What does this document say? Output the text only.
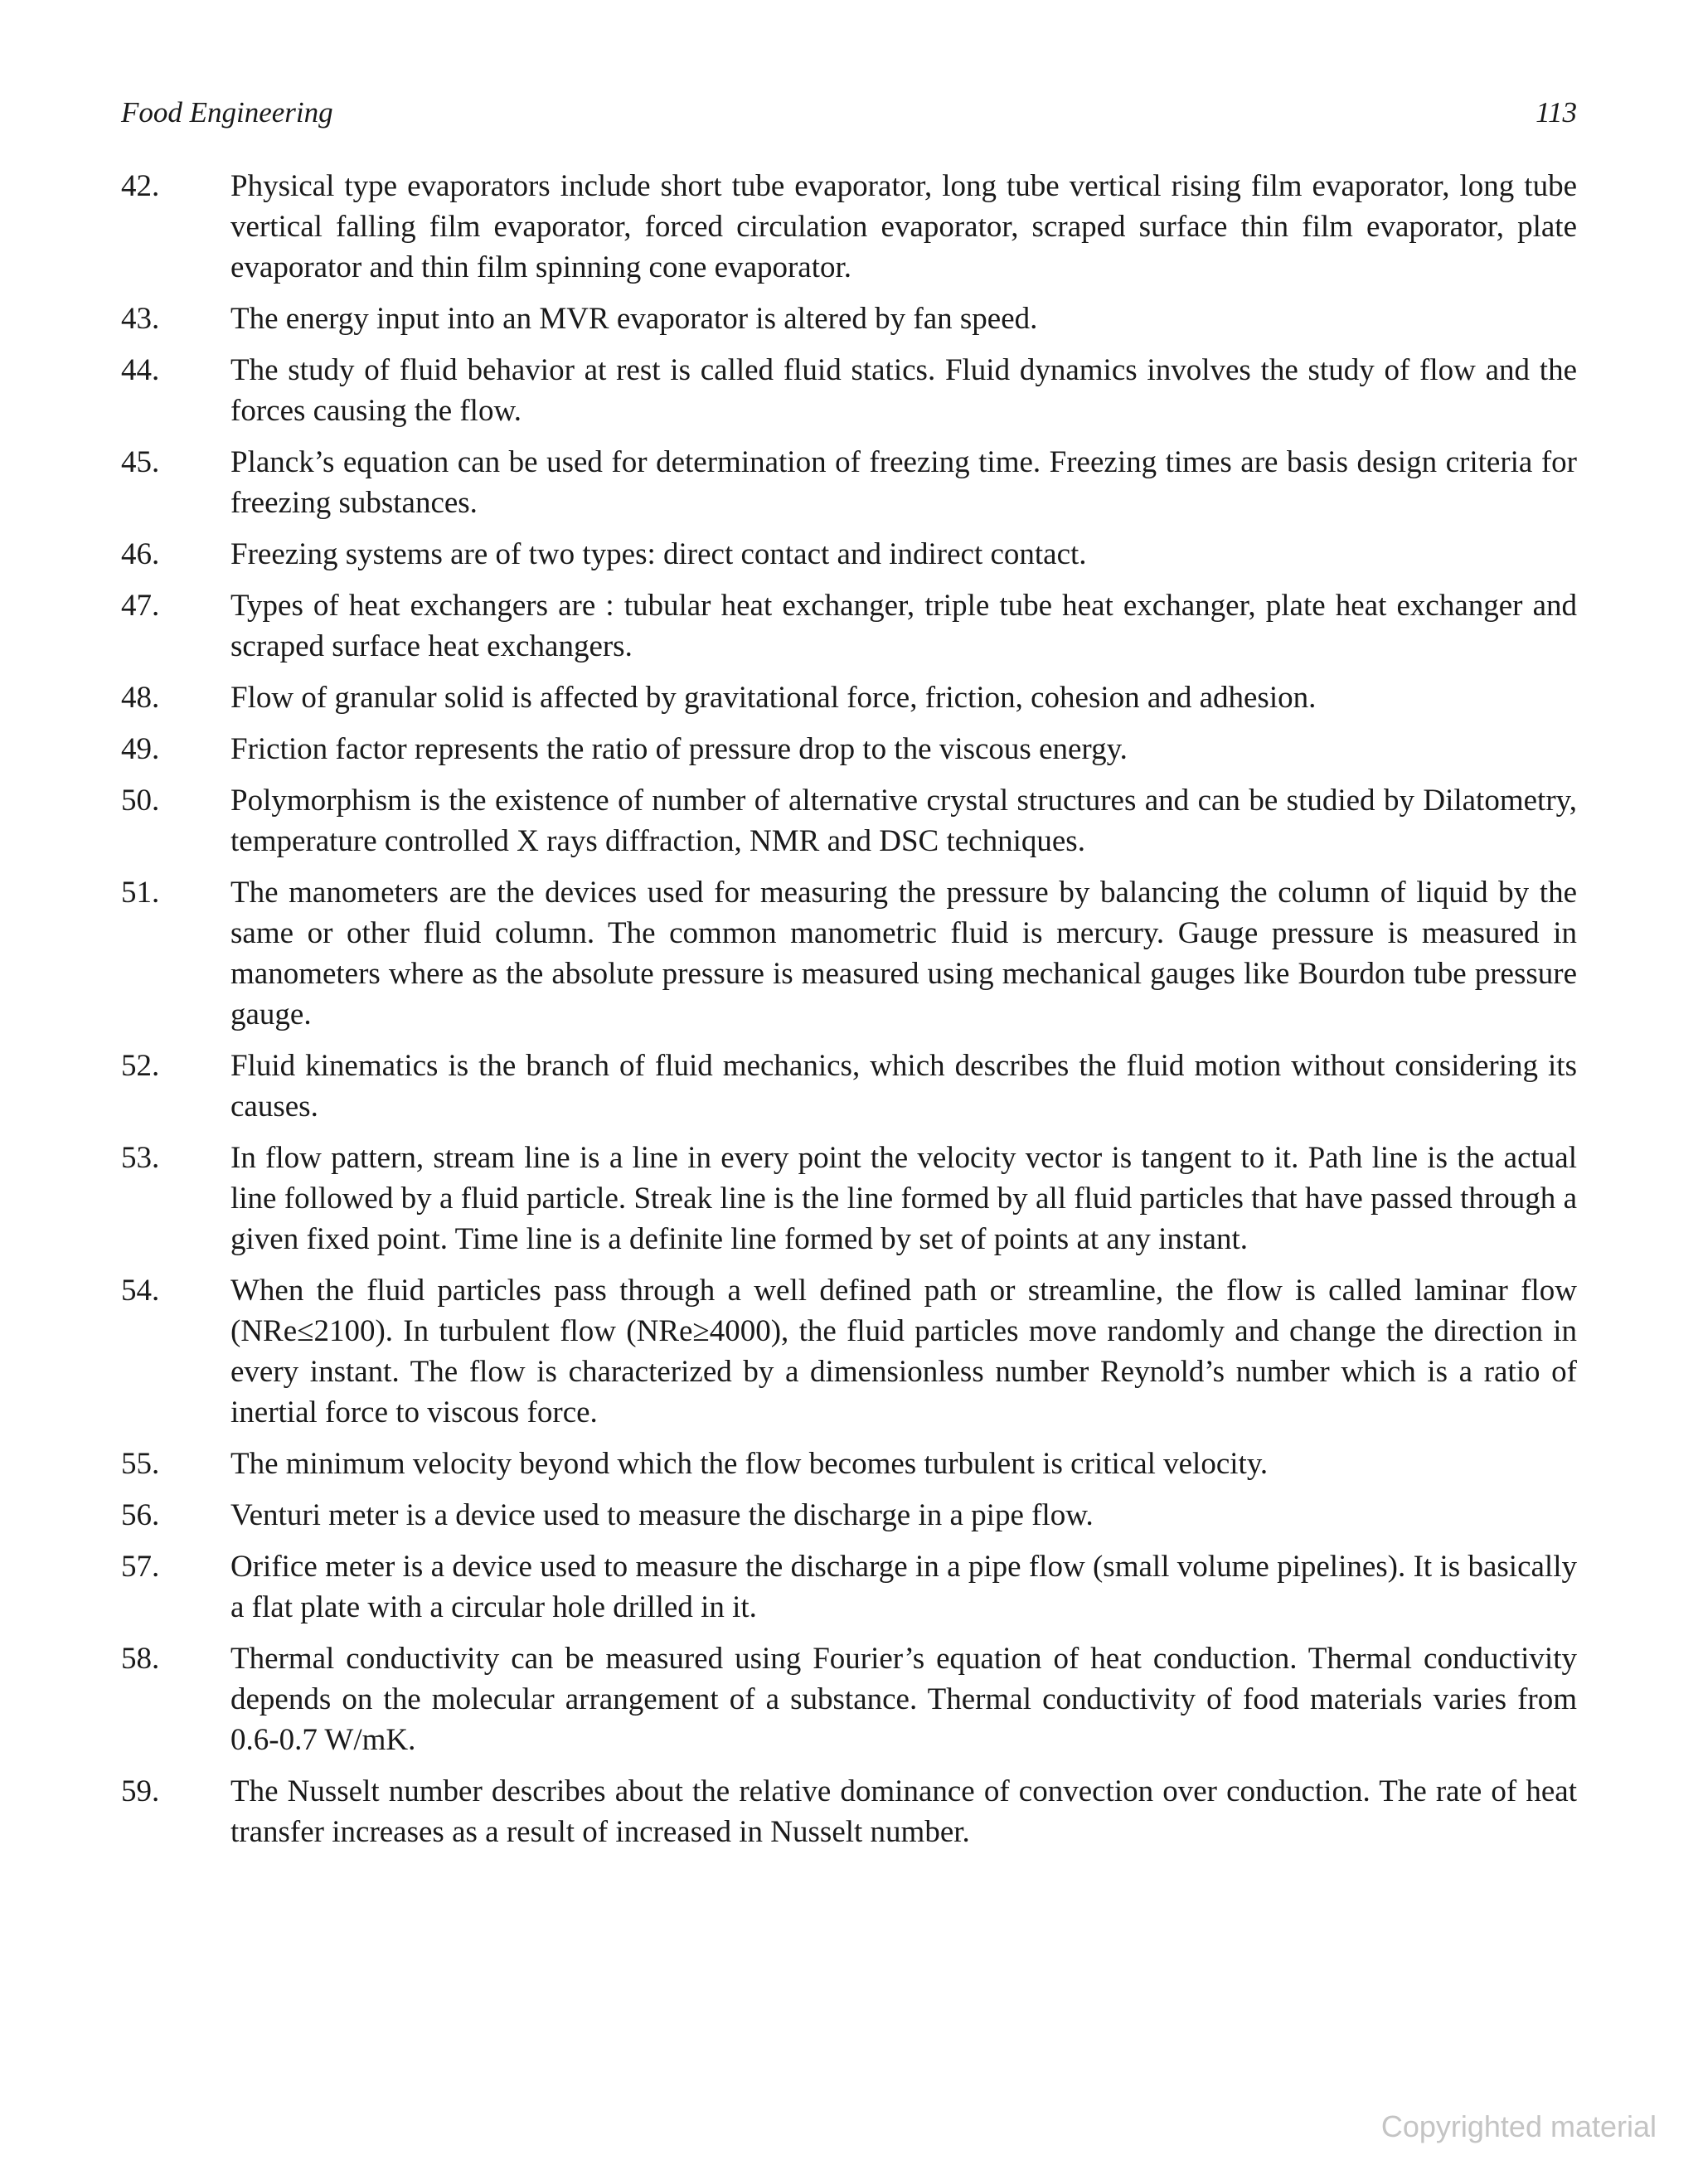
Food Engineering	113
42.	Physical type evaporators include short tube evaporator, long tube vertical rising film evaporator, long tube vertical falling film evaporator, forced circulation evaporator, scraped surface thin film evaporator, plate evaporator and thin film spinning cone evaporator.
43.	The energy input into an MVR evaporator is altered by fan speed.
44.	The study of fluid behavior at rest is called fluid statics. Fluid dynamics involves the study of flow and the forces causing the flow.
45.	Planck’s equation can be used for determination of freezing time. Freezing times are basis design criteria for freezing substances.
46.	Freezing systems are of two types: direct contact and indirect contact.
47.	Types of heat exchangers are : tubular heat exchanger, triple tube heat exchanger, plate heat exchanger and scraped surface heat exchangers.
48.	Flow of granular solid is affected by gravitational force, friction, cohesion and adhesion.
49.	Friction factor represents the ratio of pressure drop to the viscous energy.
50.	Polymorphism is the existence of number of alternative crystal structures and can be studied by Dilatometry, temperature controlled X rays diffraction, NMR and DSC techniques.
51.	The manometers are the devices used for measuring the pressure by balancing the column of liquid by the same or other fluid column. The common manometric fluid is mercury. Gauge pressure is measured in manometers where as the absolute pressure is measured using mechanical gauges like Bourdon tube pressure gauge.
52.	Fluid kinematics is the branch of fluid mechanics, which describes the fluid motion without considering its causes.
53.	In flow pattern, stream line is a line in every point the velocity vector is tangent to it. Path line is the actual line followed by a fluid particle. Streak line is the line formed by all fluid particles that have passed through a given fixed point. Time line is a definite line formed by set of points at any instant.
54.	When the fluid particles pass through a well defined path or streamline, the flow is called laminar flow (NRe≤2100). In turbulent flow (NRe≥4000), the fluid particles move randomly and change the direction in every instant. The flow is characterized by a dimensionless number Reynold’s number which is a ratio of inertial force to viscous force.
55.	The minimum velocity beyond which the flow becomes turbulent is critical velocity.
56.	Venturi meter is a device used to measure the discharge in a pipe flow.
57.	Orifice meter is a device used to measure the discharge in a pipe flow (small volume pipelines). It is basically a flat plate with a circular hole drilled in it.
58.	Thermal conductivity can be measured using Fourier’s equation of heat conduction. Thermal conductivity depends on the molecular arrangement of a substance. Thermal conductivity of food materials varies from 0.6-0.7 W/mK.
59.	The Nusselt number describes about the relative dominance of convection over conduction. The rate of heat transfer increases as a result of increased in Nusselt number.
Copyrighted material
